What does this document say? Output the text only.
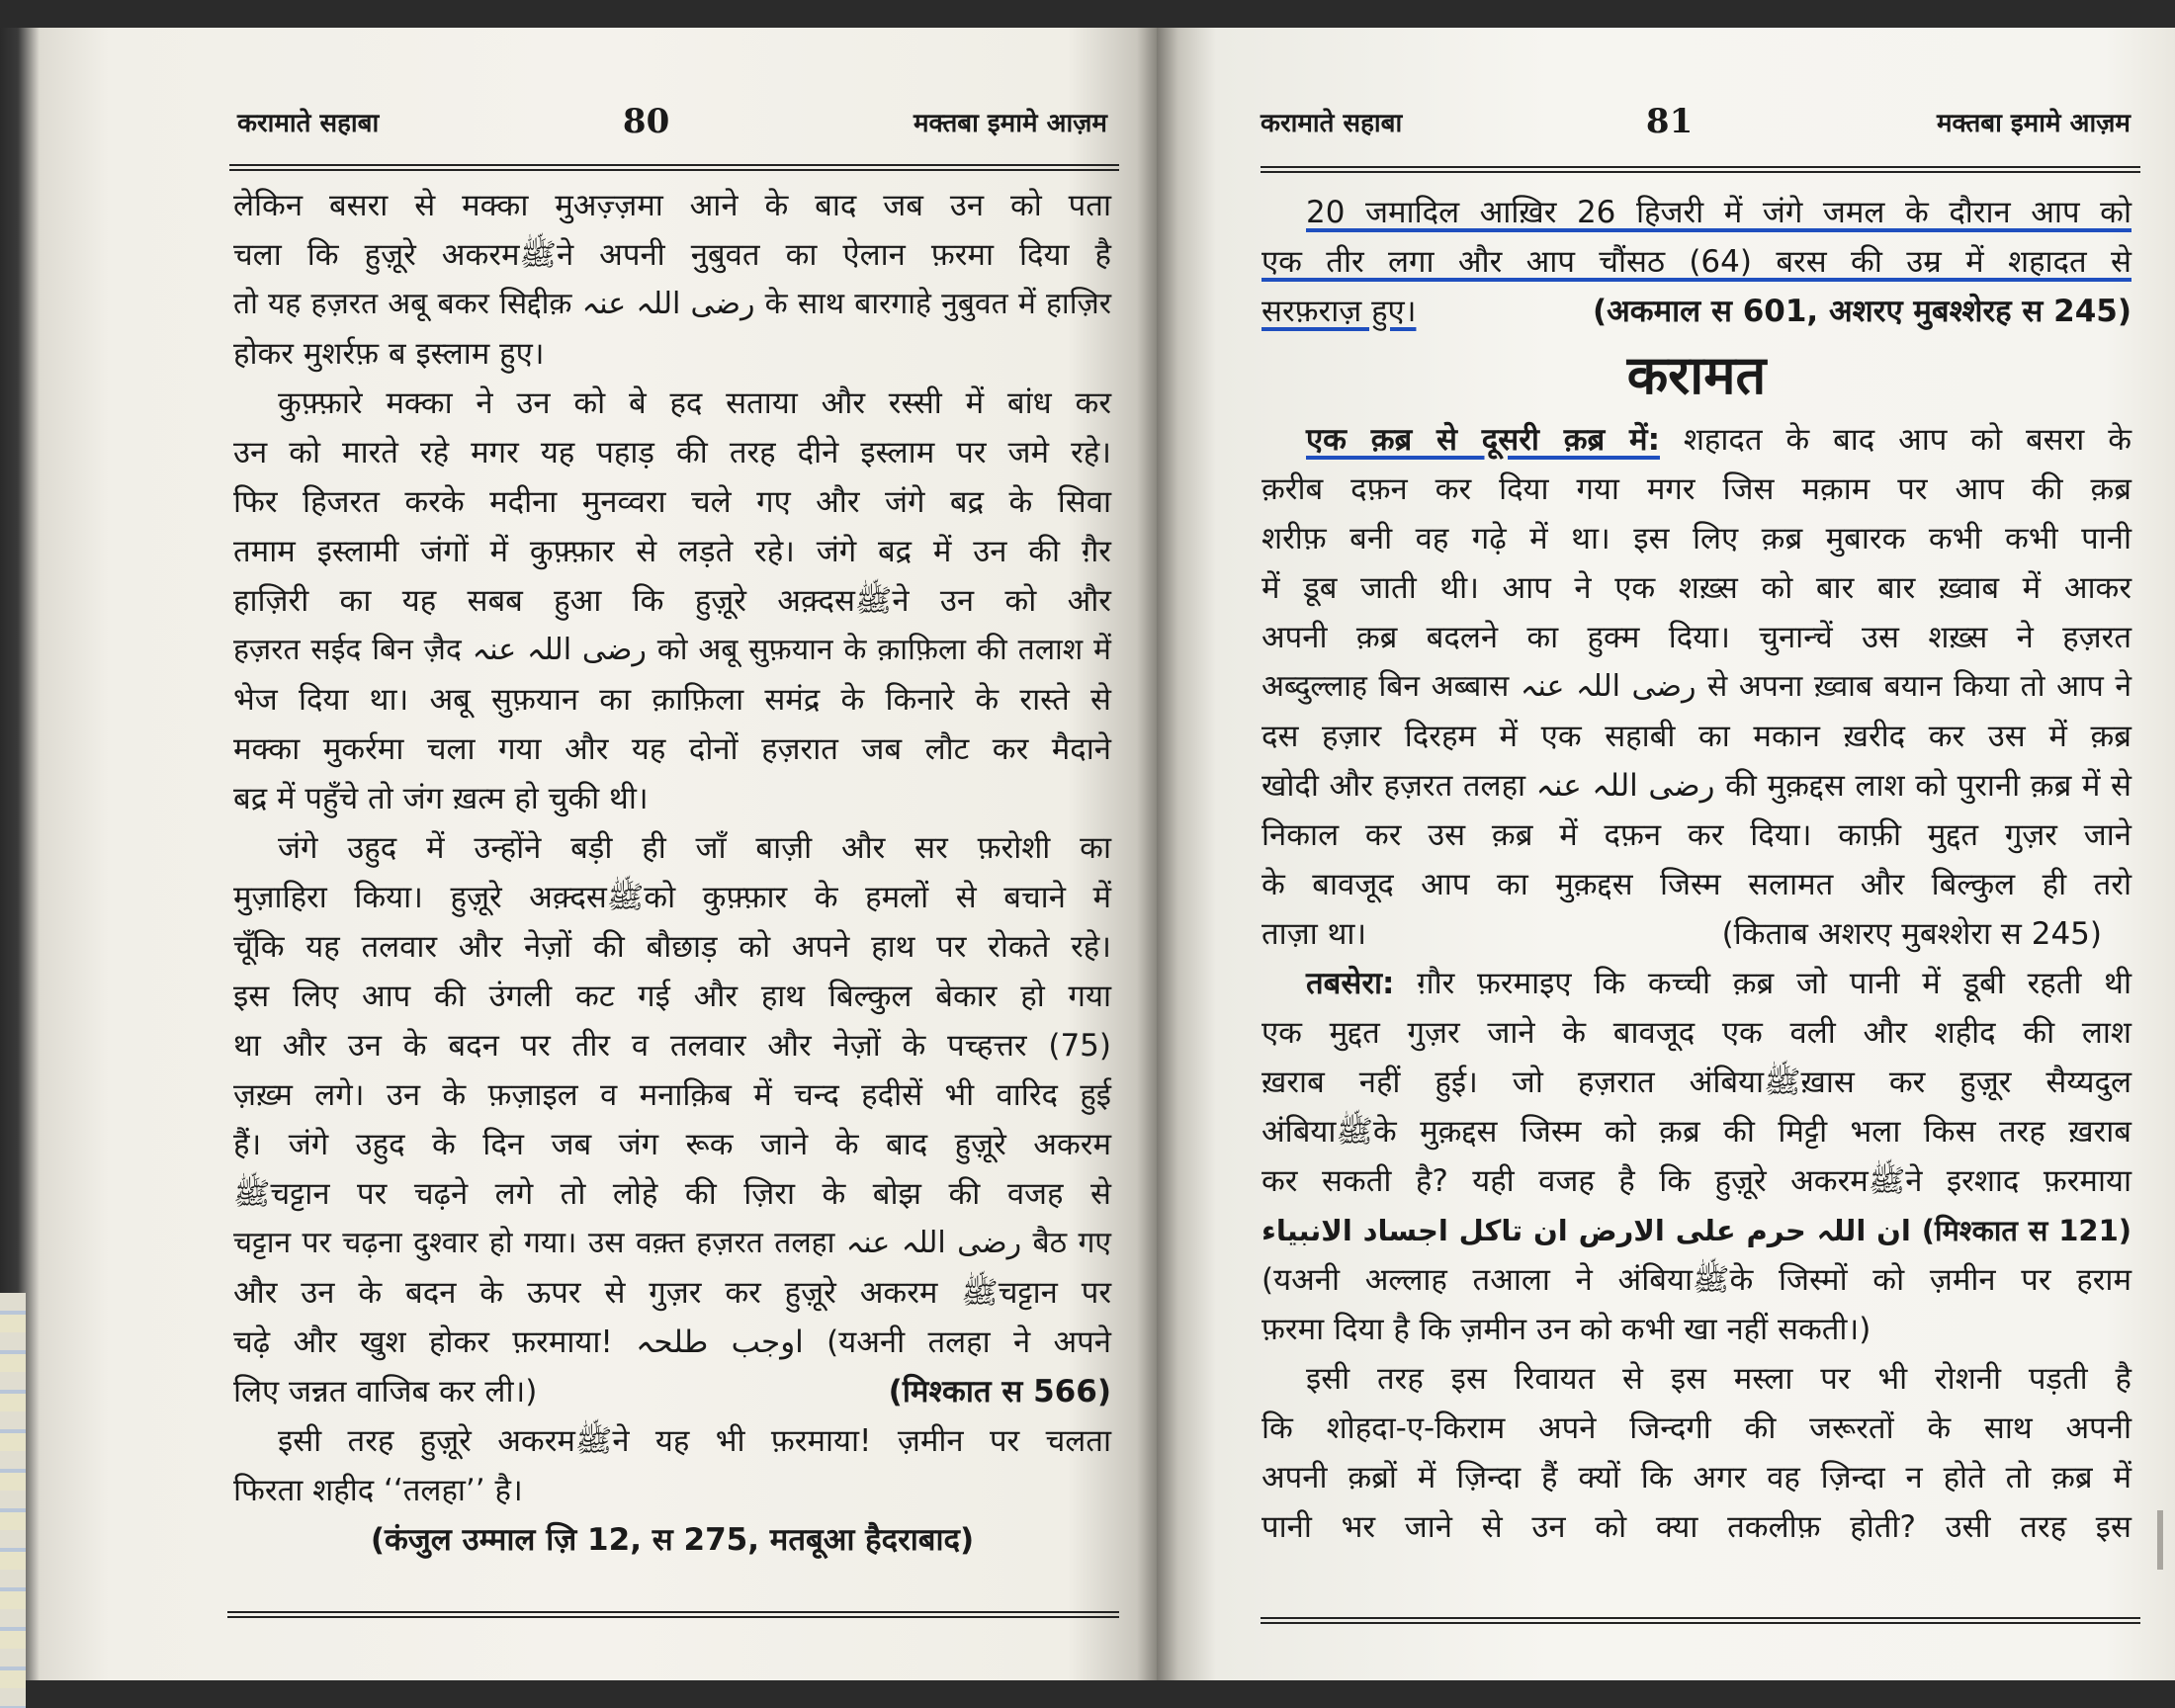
करामाते सहाबा	80	मक्तबा इमामे आज़म
लेकिन बसरा से मक्का मुअज़्ज़मा आने के बाद जब उन को पता
चला कि हुज़ूरे अकरमﷺने अपनी नुबुवत का ऐलान फ़रमा दिया है
तो यह हज़रत अबू बकर सिद्दीक़ رضی اللہ عنہ के साथ बारगाहे नुबुवत में हाज़िर
होकर मुशर्रफ़ ब इस्लाम हुए।
कुफ़्फ़ारे मक्का ने उन को बे हद सताया और रस्सी में बांध कर
उन को मारते रहे मगर यह पहाड़ की तरह दीने इस्लाम पर जमे रहे।
फिर हिजरत करके मदीना मुनव्वरा चले गए और जंगे बद्र के सिवा
तमाम इस्लामी जंगों में कुफ़्फ़ार से लड़ते रहे। जंगे बद्र में उन की ग़ैर
हाज़िरी का यह सबब हुआ कि हुज़ूरे अक़्दसﷺने उन को और
हज़रत सईद बिन ज़ैद رضی اللہ عنہ को अबू सुफ़यान के क़ाफ़िला की तलाश में
भेज दिया था। अबू सुफ़यान का क़ाफ़िला समंद्र के किनारे के रास्ते से
मक्का मुकर्रमा चला गया और यह दोनों हज़रात जब लौट कर मैदाने
बद्र में पहुँचे तो जंग ख़त्म हो चुकी थी।
जंगे उहुद में उन्होंने बड़ी ही जाँ बाज़ी और सर फ़रोशी का
मुज़ाहिरा किया। हुज़ूरे अक़्दसﷺको कुफ़्फ़ार के हमलों से बचाने में
चूँकि यह तलवार और नेज़ों की बौछाड़ को अपने हाथ पर रोकते रहे।
इस लिए आप की उंगली कट गई और हाथ बिल्कुल बेकार हो गया
था और उन के बदन पर तीर व तलवार और नेज़ों के पच्हत्तर (75)
ज़ख़्म लगे। उन के फ़ज़ाइल व मनाक़िब में चन्द हदीसें भी वारिद हुई
हैं। जंगे उहुद के दिन जब जंग रूक जाने के बाद हुज़ूरे अकरम
ﷺचट्टान पर चढ़ने लगे तो लोहे की ज़िरा के बोझ की वजह से
चट्टान पर चढ़ना दुश्वार हो गया। उस वक़्त हज़रत तलहा رضی اللہ عنہ बैठ गए
और उन के बदन के ऊपर से गुज़र कर हुज़ूरे अकरम ﷺचट्टान पर
चढ़े और खुश होकर फ़रमाया! اوجب طلحہ (यअनी तलहा ने अपने
लिए जन्नत वाजिब कर ली।)	(मिश्कात स 566)
इसी तरह हुज़ूरे अकरमﷺने यह भी फ़रमाया! ज़मीन पर चलता
फिरता शहीद ‘‘तलहा’’ है।
(कंजुल उम्माल ज़ि 12, स 275, मतबूआ हैदराबाद)
करामाते सहाबा	81	मक्तबा इमामे आज़म
20 जमादिल आख़िर 26 हिजरी में जंगे जमल के दौरान आप को
एक तीर लगा और आप चौंसठ (64) बरस की उम्र में शहादत से
सरफ़राज़ हुए।	(अकमाल स 601, अशरए मुबश्शेरह स 245)
करामत
एक क़ब्र से दूसरी क़ब्र में: शहादत के बाद आप को बसरा के
क़रीब दफ़न कर दिया गया मगर जिस मक़ाम पर आप की क़ब्र
शरीफ़ बनी वह गढ़े में था। इस लिए क़ब्र मुबारक कभी कभी पानी
में डूब जाती थी। आप ने एक शख़्स को बार बार ख़्वाब में आकर
अपनी क़ब्र बदलने का हुक्म दिया। चुनान्चें उस शख़्स ने हज़रत
अब्दुल्लाह बिन अब्बास رضی اللہ عنہ से अपना ख़्वाब बयान किया तो आप ने
दस हज़ार दिरहम में एक सहाबी का मकान ख़रीद कर उस में क़ब्र
खोदी और हज़रत तलहा رضی اللہ عنہ की मुक़द्दस लाश को पुरानी क़ब्र में से
निकाल कर उस क़ब्र में दफ़न कर दिया। काफ़ी मुद्दत गुज़र जाने
के बावजूद आप का मुक़द्दस जिस्म सलामत और बिल्कुल ही तरो
ताज़ा था।	(किताब अशरए मुबश्शेरा स 245)
तबसेरा: ग़ौर फ़रमाइए कि कच्ची क़ब्र जो पानी में डूबी रहती थी
एक मुद्दत गुज़र जाने के बावजूद एक वली और शहीद की लाश
ख़राब नहीं हुई। जो हज़रात अंबियाﷺख़ास कर हुज़ूर सैय्यदुल
अंबियाﷺके मुक़द्दस जिस्म को क़ब्र की मिट्टी भला किस तरह ख़राब
कर सकती है? यही वजह है कि हुज़ूरे अकरमﷺने इरशाद फ़रमाया
ان اللہ حرم علی الارض ان تاکل اجساد الانبیاء (मिश्कात स 121)
(यअनी अल्लाह तआला ने अंबियाﷺके जिस्मों को ज़मीन पर हराम
फ़रमा दिया है कि ज़मीन उन को कभी खा नहीं सकती।)
इसी तरह इस रिवायत से इस मस्ला पर भी रोशनी पड़ती है
कि शोहदा-ए-किराम अपने जिन्दगी की जरूरतों के साथ अपनी
अपनी क़ब्रों में ज़िन्दा हैं क्यों कि अगर वह ज़िन्दा न होते तो क़ब्र में
पानी भर जाने से उन को क्या तकलीफ़ होती? उसी तरह इस
